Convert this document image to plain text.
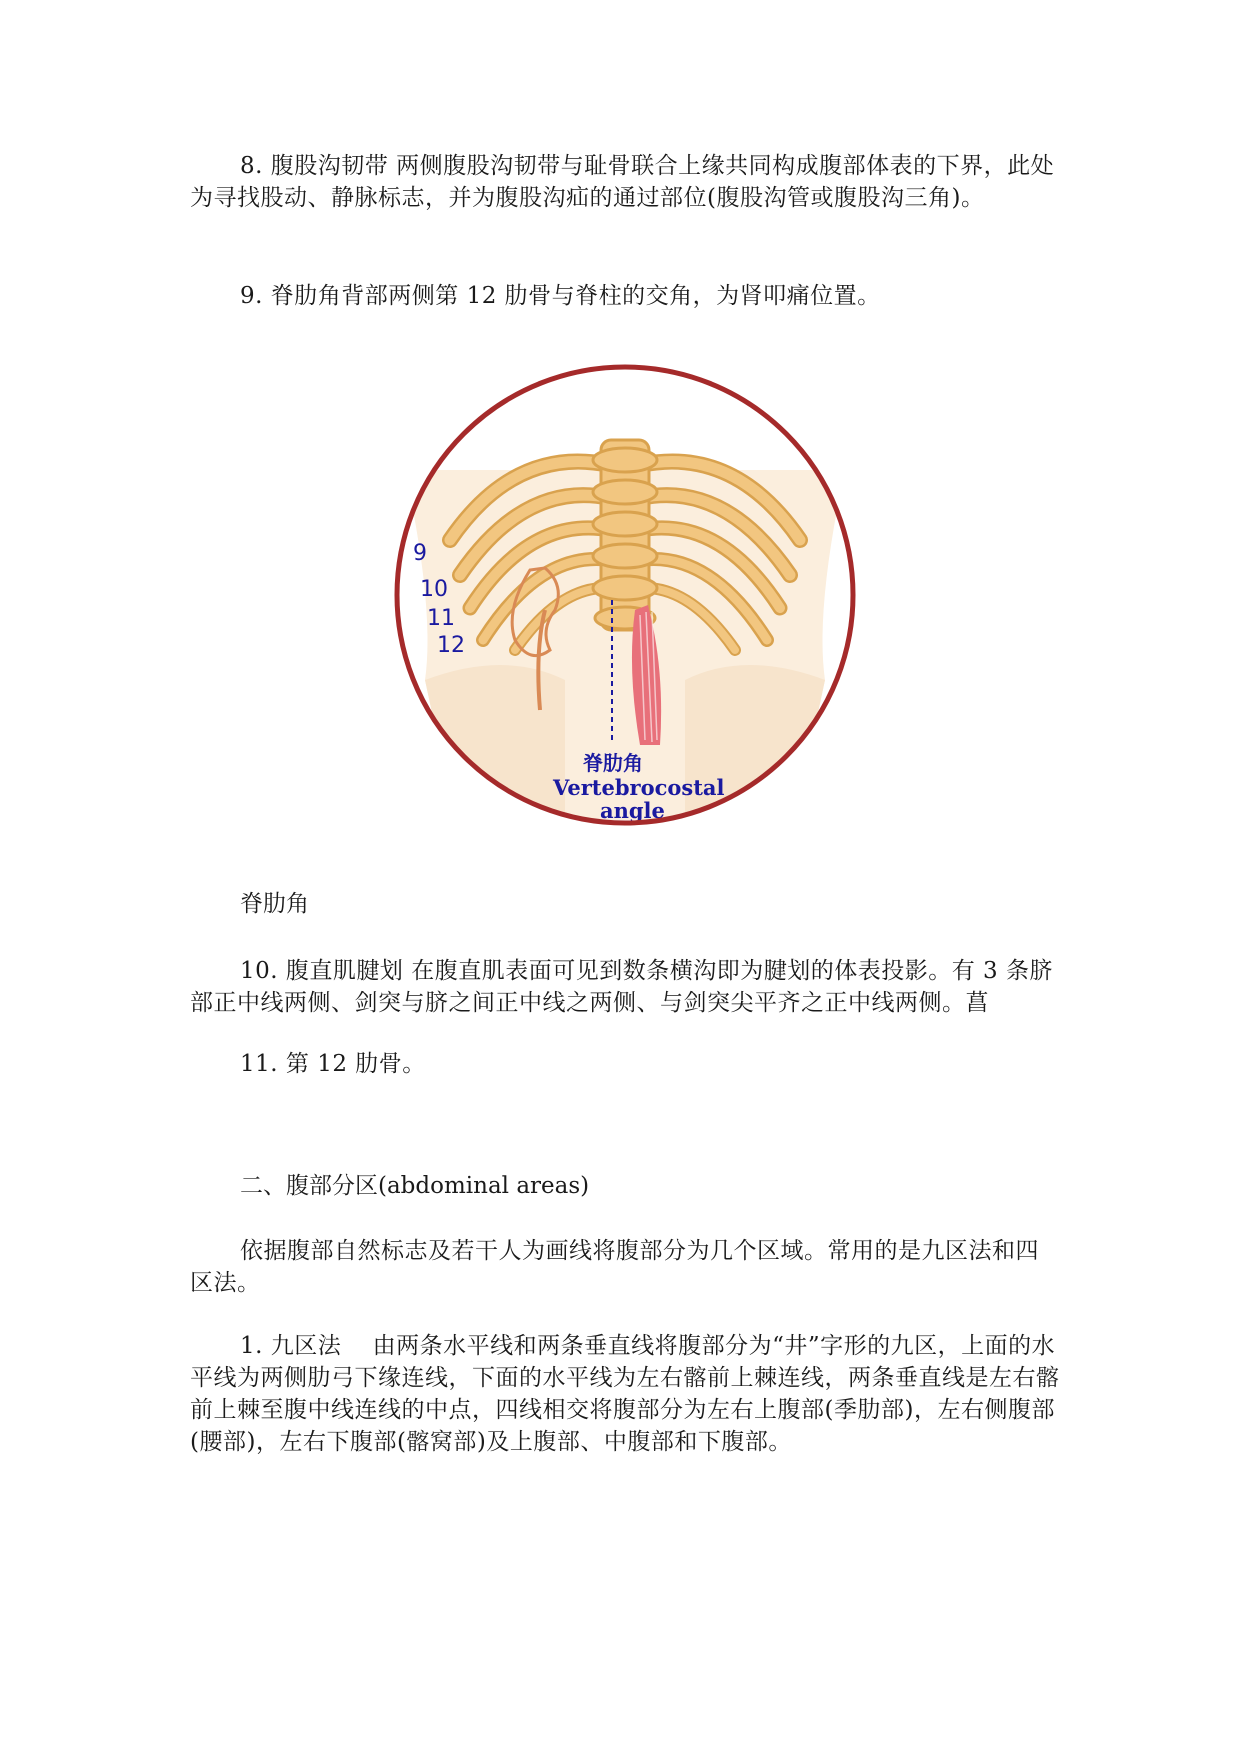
8. 腹股沟韧带 两侧腹股沟韧带与耻骨联合上缘共同构成腹部体表的下界，此处为寻找股动、静脉标志，并为腹股沟疝的通过部位(腹股沟管或腹股沟三角)。

9. 脊肋角背部两侧第 12 肋骨与脊柱的交角，为肾叩痛位置。

9
10
11
12
脊肋角
Vertebrocostal
angle

脊肋角

10. 腹直肌腱划 在腹直肌表面可见到数条横沟即为腱划的体表投影。有 3 条脐部正中线两侧、剑突与脐之间正中线之两侧、与剑突尖平齐之正中线两侧。菖

11. 第 12 肋骨。

二、腹部分区(abdominal areas)

依据腹部自然标志及若干人为画线将腹部分为几个区域。常用的是九区法和四区法。

1. 九区法　 由两条水平线和两条垂直线将腹部分为“井”字形的九区，上面的水平线为两侧肋弓下缘连线，下面的水平线为左右髂前上棘连线，两条垂直线是左右髂前上棘至腹中线连线的中点，四线相交将腹部分为左右上腹部(季肋部)，左右侧腹部(腰部)，左右下腹部(髂窝部)及上腹部、中腹部和下腹部。
